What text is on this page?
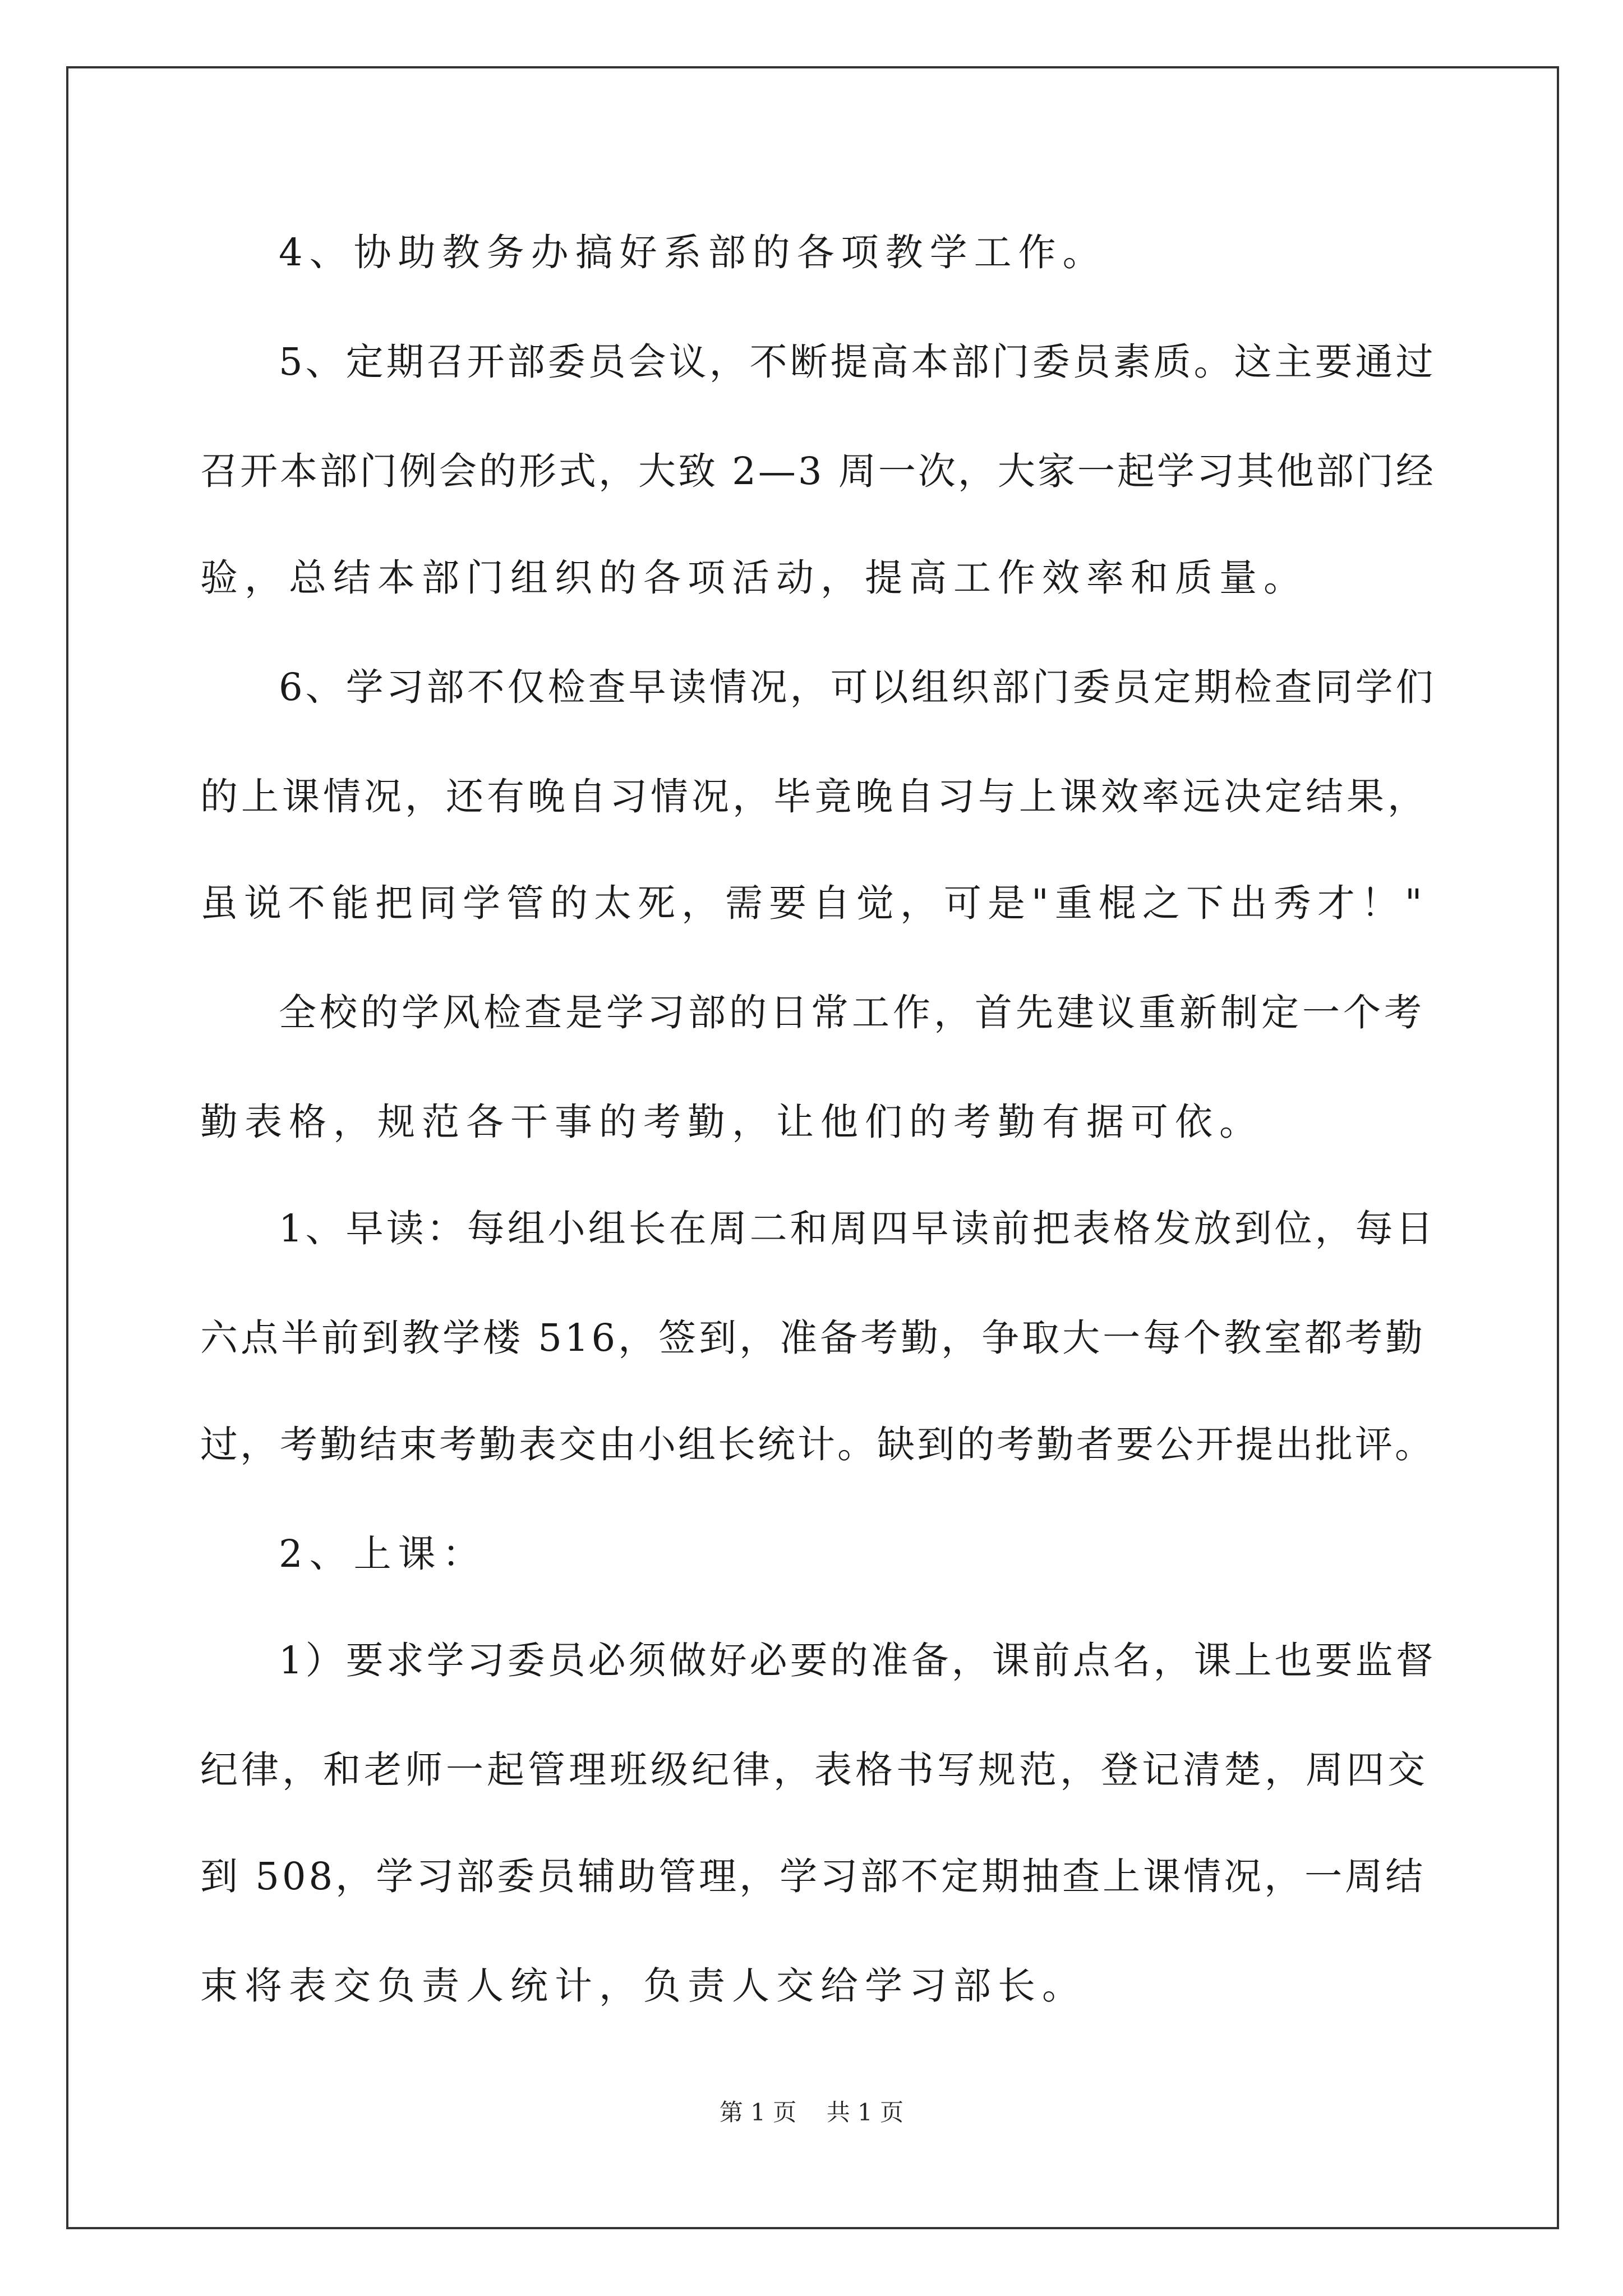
4、协助教务办搞好系部的各项教学工作。
5、定期召开部委员会议，不断提高本部门委员素质。这主要通过
召开本部门例会的形式，大致 2—3 周一次，大家一起学习其他部门经
验，总结本部门组织的各项活动，提高工作效率和质量。
6、学习部不仅检查早读情况，可以组织部门委员定期检查同学们
的上课情况，还有晚自习情况，毕竟晚自习与上课效率远决定结果，
虽说不能把同学管的太死，需要自觉，可是"重棍之下出秀才！"
全校的学风检查是学习部的日常工作，首先建议重新制定一个考
勤表格，规范各干事的考勤，让他们的考勤有据可依。
1、早读：每组小组长在周二和周四早读前把表格发放到位，每日
六点半前到教学楼 516，签到，准备考勤，争取大一每个教室都考勤
过，考勤结束考勤表交由小组长统计。缺到的考勤者要公开提出批评。
2、上课：
1）要求学习委员必须做好必要的准备，课前点名，课上也要监督
纪律，和老师一起管理班级纪律，表格书写规范，登记清楚，周四交
到 508，学习部委员辅助管理，学习部不定期抽查上课情况，一周结
束将表交负责人统计，负责人交给学习部长。
第 1 页    共 1 页
